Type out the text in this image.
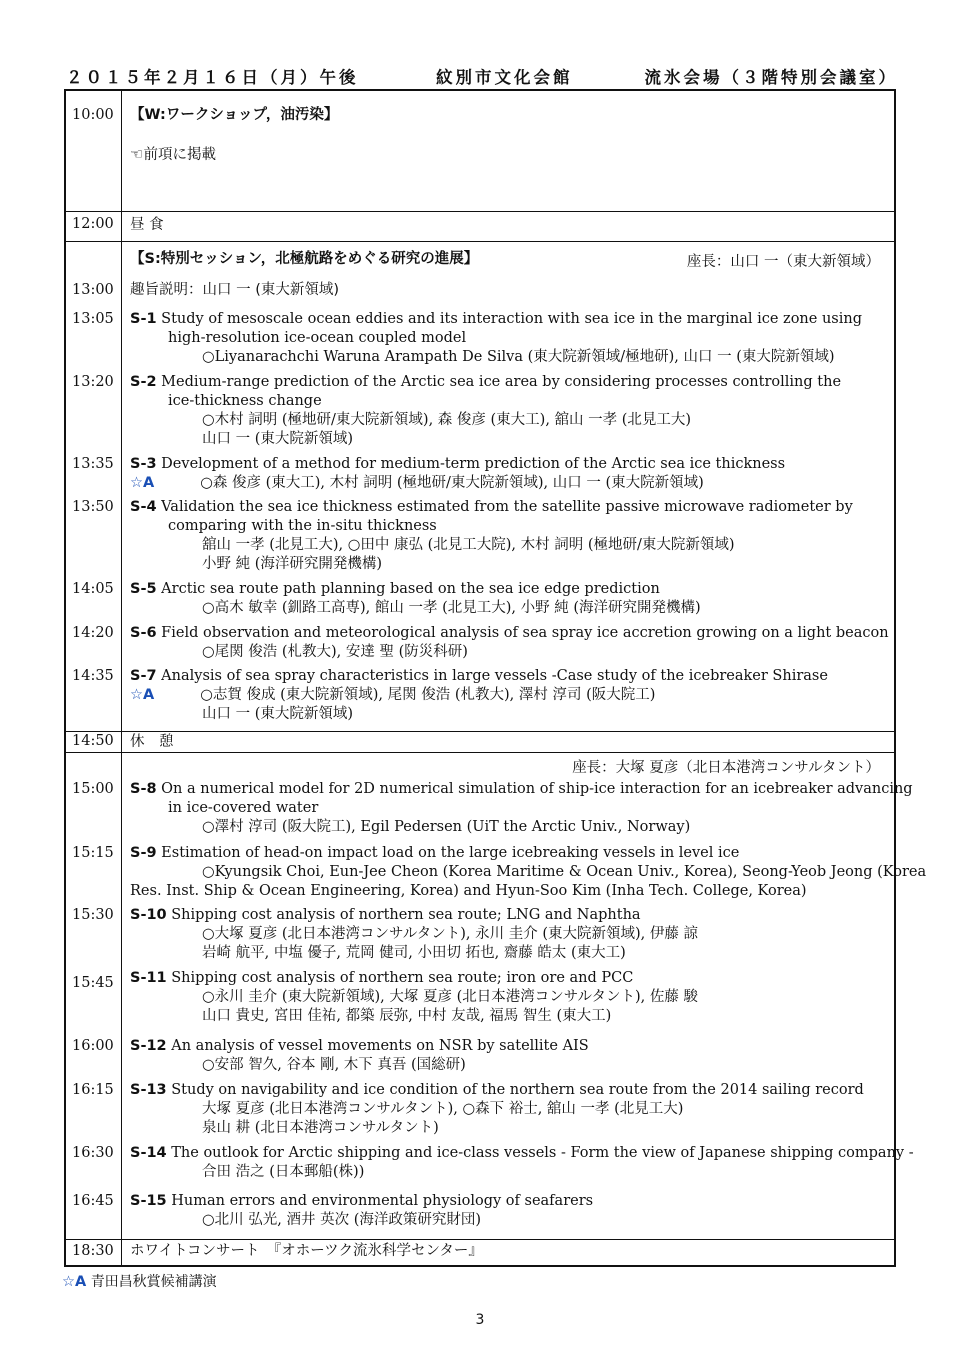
２０１５年２月１６日（月）午後	紋別市文化会館	流氷会場（３階特別会議室）
10:00 【W:ワークショップ，油汚染】
☜前項に掲載
12:00 昼 食
【S:特別セッション，北極航路をめぐる研究の進展】	座長：山口 一（東大新領域）
13:00 趣旨説明：山口 一 (東大新領域)
13:05 S-1 Study of mesoscale ocean eddies and its interaction with sea ice in the marginal ice zone using
high-resolution ice-ocean coupled model
○Liyanarachchi Waruna Arampath De Silva (東大院新領域/極地研), 山口 一 (東大院新領域)
13:20 S-2 Medium-range prediction of the Arctic sea ice area by considering processes controlling the
ice-thickness change
○木村 詞明 (極地研/東大院新領域), 森 俊彦 (東大工), 舘山 一孝 (北見工大)
山口 一 (東大院新領域)
13:35 S-3 Development of a method for medium-term prediction of the Arctic sea ice thickness
☆A	○森 俊彦 (東大工), 木村 詞明 (極地研/東大院新領域), 山口 一 (東大院新領域)
13:50 S-4 Validation the sea ice thickness estimated from the satellite passive microwave radiometer by
comparing with the in-situ thickness
舘山 一孝 (北見工大), ○田中 康弘 (北見工大院), 木村 詞明 (極地研/東大院新領域)
小野 純 (海洋研究開発機構)
14:05 S-5 Arctic sea route path planning based on the sea ice edge prediction
○高木 敏幸 (釧路工高専), 館山 一孝 (北見工大), 小野 純 (海洋研究開発機構)
14:20 S-6 Field observation and meteorological analysis of sea spray ice accretion growing on a light beacon
○尾関 俊浩 (札教大), 安達 聖 (防災科研)
14:35 S-7 Analysis of sea spray characteristics in large vessels -Case study of the icebreaker Shirase
☆A	○志賀 俊成 (東大院新領域), 尾関 俊浩 (札教大), 澤村 淳司 (阪大院工)
山口 一 (東大院新領域)
14:50 休　憩
座長：大塚 夏彦（北日本港湾コンサルタント）
15:00 S-8 On a numerical model for 2D numerical simulation of ship-ice interaction for an icebreaker advancing
in ice-covered water
○澤村 淳司 (阪大院工), Egil Pedersen (UiT the Arctic Univ., Norway)
15:15 S-9 Estimation of head-on impact load on the large icebreaking vessels in level ice
○Kyungsik Choi, Eun-Jee Cheon (Korea Maritime & Ocean Univ., Korea), Seong-Yeob Jeong (Korea
Res. Inst. Ship & Ocean Engineering, Korea) and Hyun-Soo Kim (Inha Tech. College, Korea)
15:30 S-10 Shipping cost analysis of northern sea route; LNG and Naphtha
○大塚 夏彦 (北日本港湾コンサルタント), 永川 圭介 (東大院新領域), 伊藤 諒
岩崎 航平, 中塩 優子, 荒岡 健司, 小田切 拓也, 齋藤 皓太 (東大工)
15:45 S-11 Shipping cost analysis of northern sea route; iron ore and PCC
○永川 圭介 (東大院新領域), 大塚 夏彦 (北日本港湾コンサルタント), 佐藤 駿
山口 貴史, 宮田 佳祐, 都築 辰弥, 中村 友哉, 福馬 智生 (東大工)
16:00 S-12 An analysis of vessel movements on NSR by satellite AIS
○安部 智久, 谷本 剛, 木下 真吾 (国総研)
16:15 S-13 Study on navigability and ice condition of the northern sea route from the 2014 sailing record
大塚 夏彦 (北日本港湾コンサルタント), ○森下 裕士, 舘山 一孝 (北見工大)
泉山 耕 (北日本港湾コンサルタント)
16:30 S-14 The outlook for Arctic shipping and ice-class vessels - Form the view of Japanese shipping company -
合田 浩之 (日本郵船(株))
16:45 S-15 Human errors and environmental physiology of seafarers
○北川 弘光, 酒井 英次 (海洋政策研究財団)
18:30 ホワイトコンサート　『オホーツク流氷科学センター』
☆A 青田昌秋賞候補講演
3
